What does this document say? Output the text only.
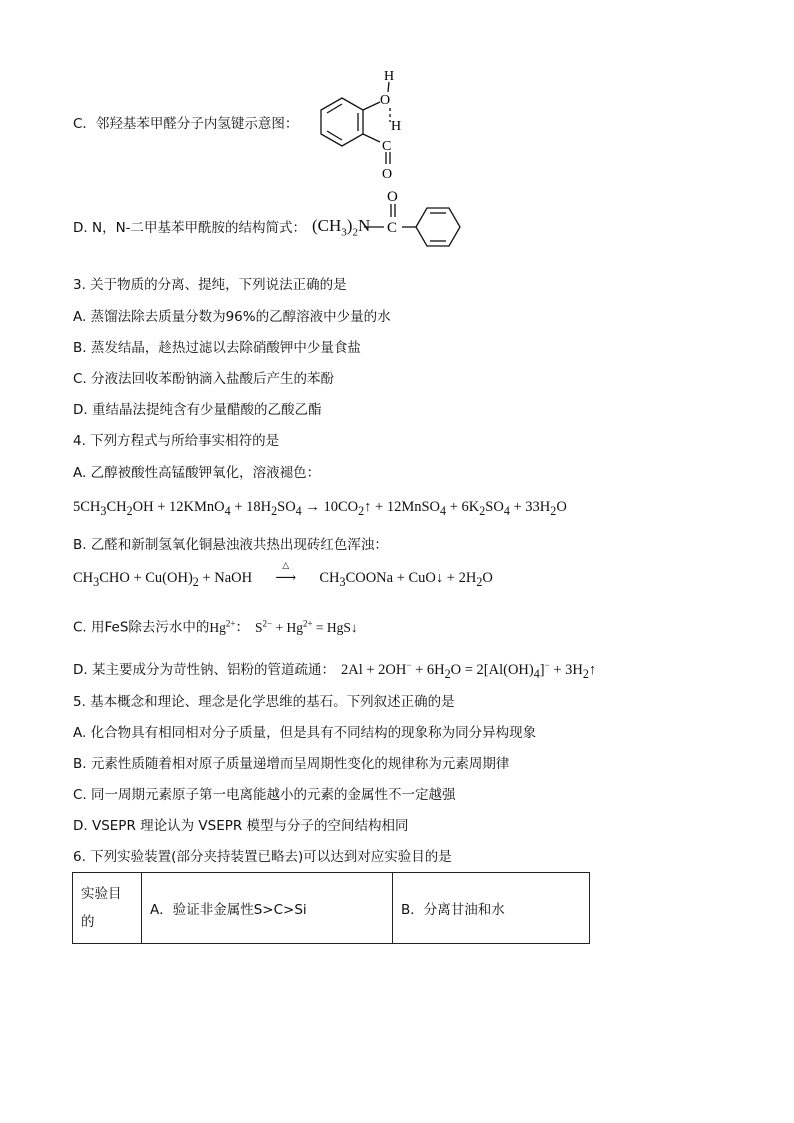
C．邻羟基苯甲醛分子内氢键示意图：
H
O
H
C
O
D. N，N-二甲基苯甲酰胺的结构简式： $(CH_3)_2N$
O
C
3. 关于物质的分离、提纯，下列说法正确的是
A. 蒸馏法除去质量分数为96%的乙醇溶液中少量的水
B. 蒸发结晶，趁热过滤以去除硝酸钾中少量食盐
C. 分液法回收苯酚钠滴入盐酸后产生的苯酚
D. 重结晶法提纯含有少量醋酸的乙酸乙酯
4. 下列方程式与所给事实相符的是
A. 乙醇被酸性高锰酸钾氧化，溶液褪色：
$5CH_3CH_2OH$ + 12KMnO$_4$ + $18H_2SO_4$ → $10CO_2↑$ + 12MnSO$_4$ + $6K_2SO_4 + 33H_2O$
B. 乙醛和新制氢氧化铜悬浊液共热出现砖红色浑浊：
$CH_3CHO + Cu(OH)_2$ + NaOH
△
⟶ $CH_3COONa$ + CuO↓ + $2H_2O$
C. 用FeS除去污水中的$Hg^{2+}$： $S^{2-} + Hg^{2+}$ = HgS↓
D. 某主要成分为苛性钠、铝粉的管道疏通： $2Al + 2OH^- + 6H_2O = 2[Al(OH)_4]^-$ + $3H_2↑$
5. 基本概念和理论、理念是化学思维的基石。下列叙述正确的是
A. 化合物具有相同相对分子质量，但是具有不同结构的现象称为同分异构现象
B. 元素性质随着相对原子质量递增而呈周期性变化的规律称为元素周期律
C. 同一周期元素原子第一电离能越小的元素的金属性不一定越强
D. VSEPR 理论认为 VSEPR 模型与分子的空间结构相同
6. 下列实验装置(部分夹持装置已略去)可以达到对应实验目的是
实验目的	A．验证非金属性S>C>Si	B．分离甘油和水
